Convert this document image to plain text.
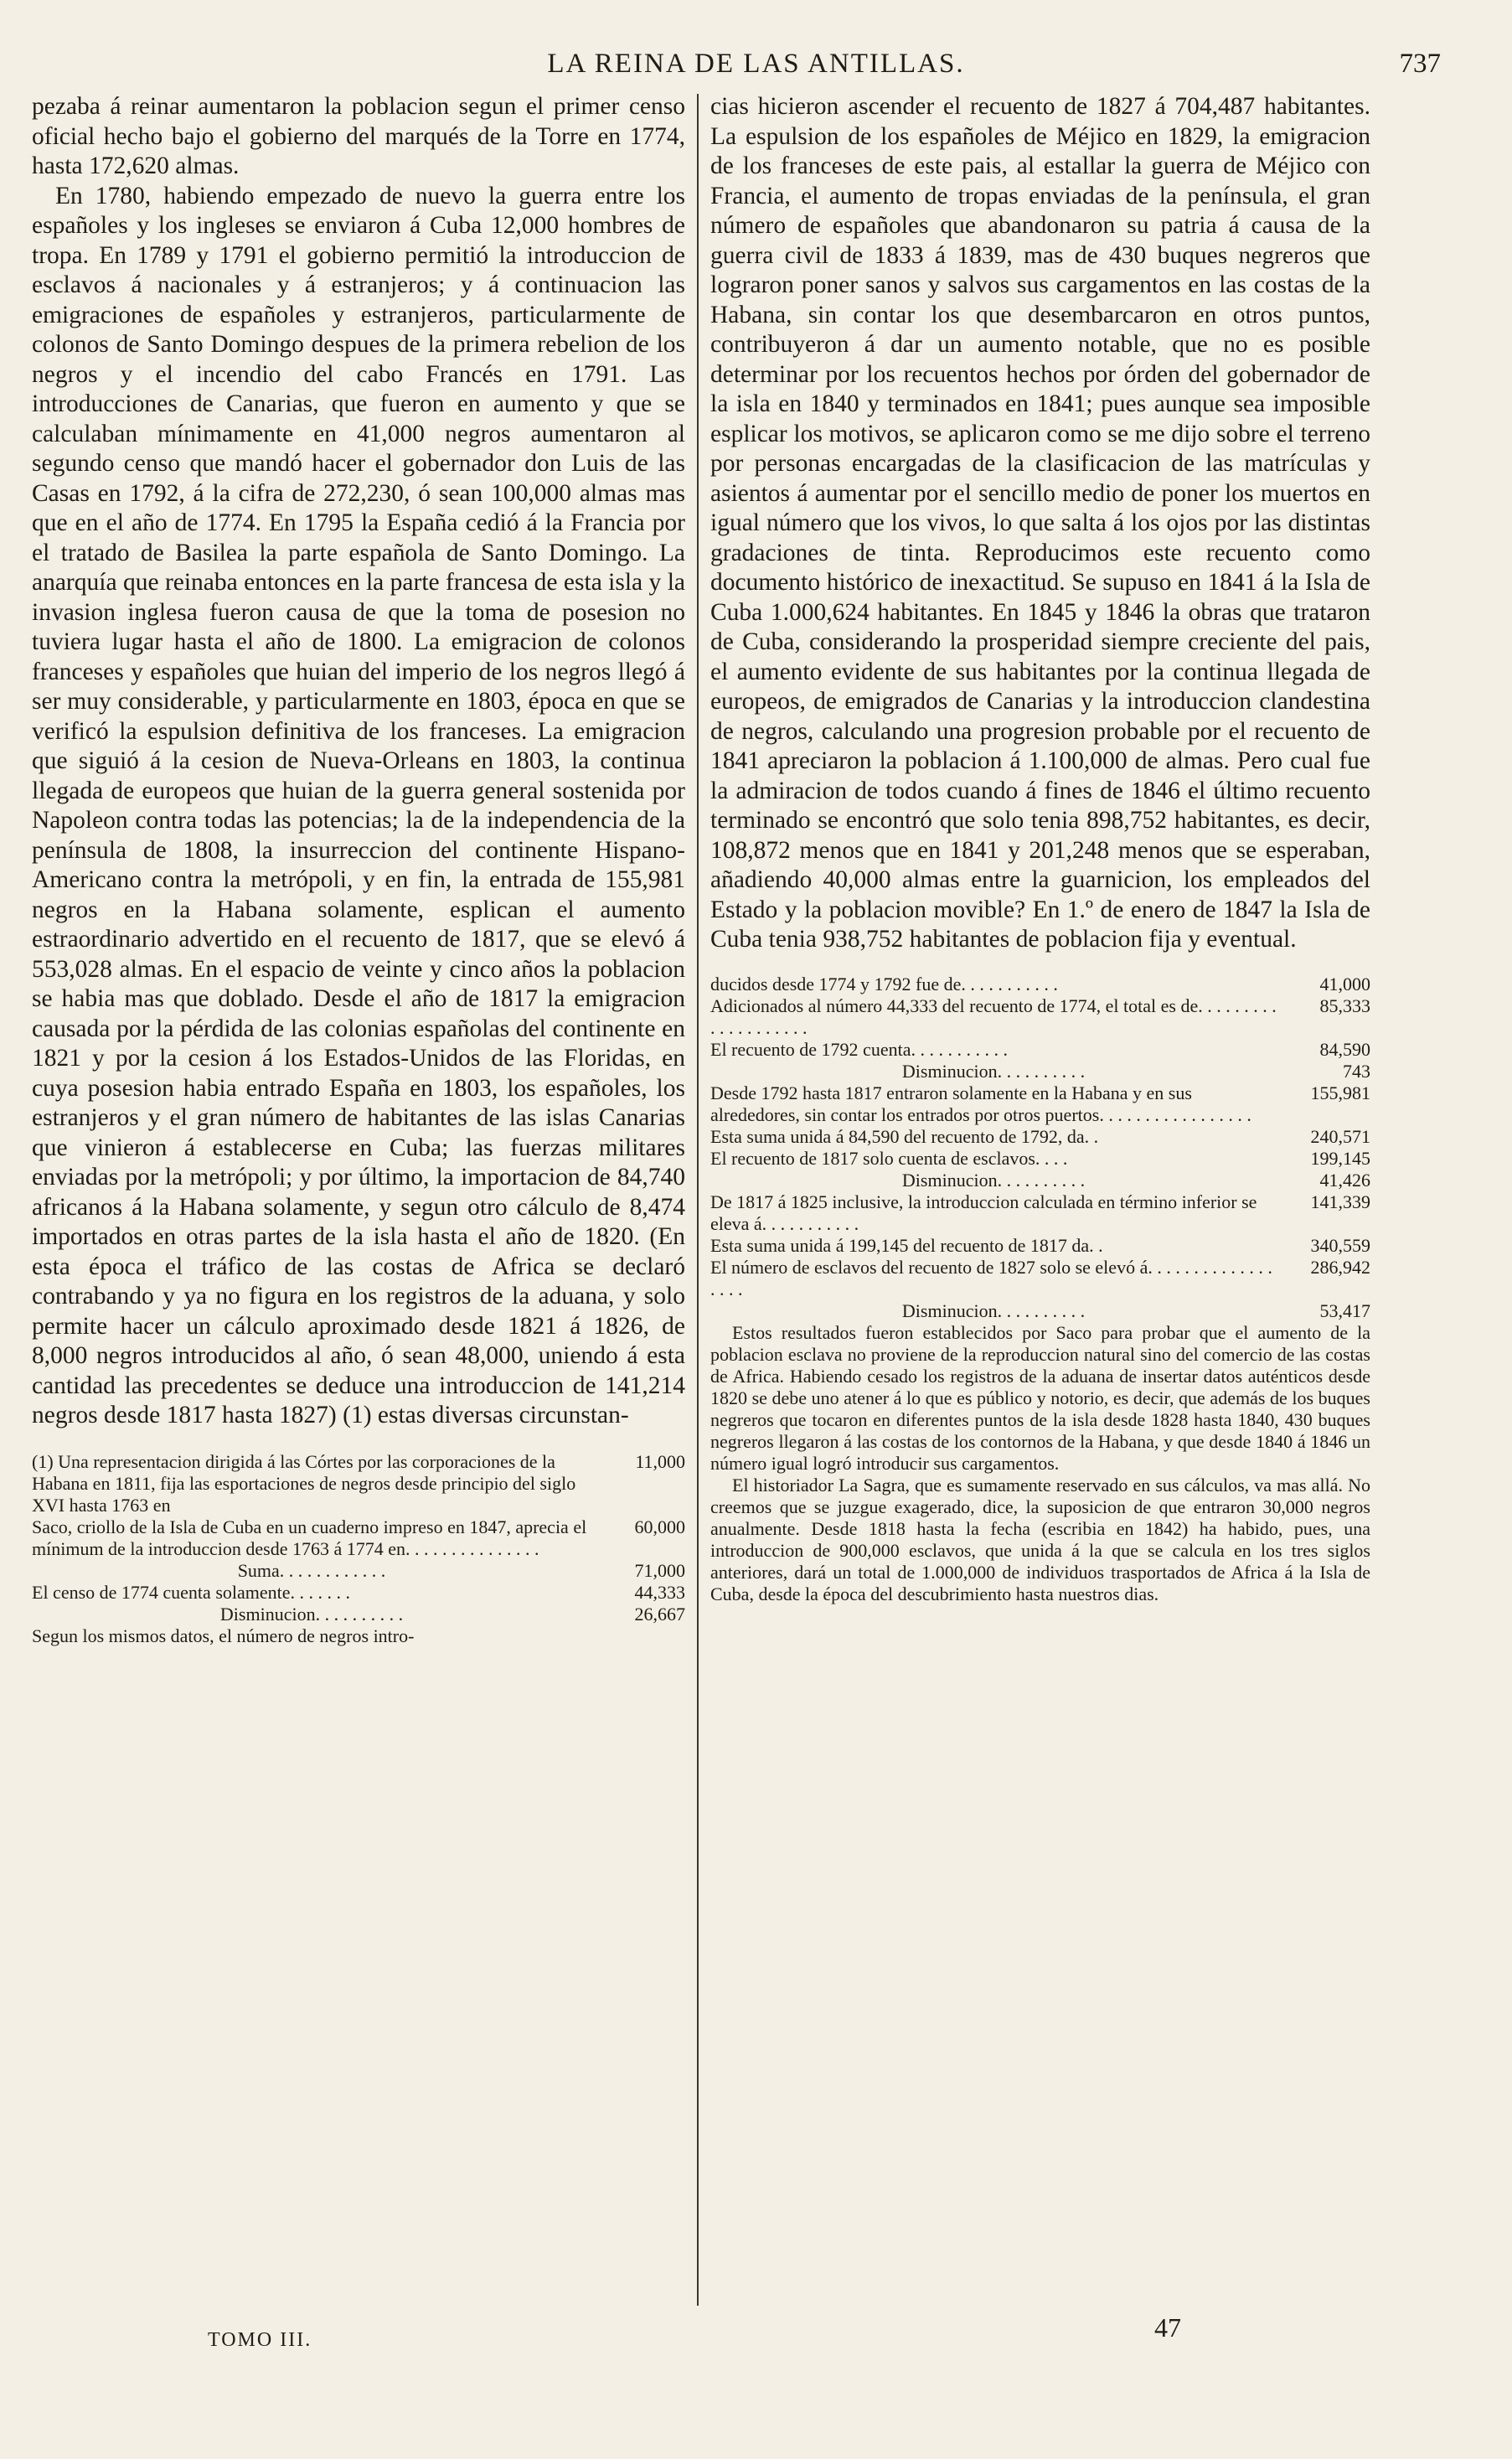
LA REINA DE LAS ANTILLAS.	737

pezaba á reinar aumentaron la poblacion segun el primer censo oficial hecho bajo el gobierno del marqués de la Torre en 1774, hasta 172,620 almas.

En 1780, habiendo empezado de nuevo la guerra entre los españoles y los ingleses se enviaron á Cuba 12,000 hombres de tropa. En 1789 y 1791 el gobierno permitió la introduccion de esclavos á nacionales y á estranjeros; y á continuacion las emigraciones de españoles y estranjeros, particularmente de colonos de Santo Domingo despues de la primera rebelion de los negros y el incendio del cabo Francés en 1791. Las introducciones de Canarias, que fueron en aumento y que se calculaban mínimamente en 41,000 negros aumentaron al segundo censo que mandó hacer el gobernador don Luis de las Casas en 1792, á la cifra de 272,230, ó sean 100,000 almas mas que en el año de 1774. En 1795 la España cedió á la Francia por el tratado de Basilea la parte española de Santo Domingo. La anarquía que reinaba entonces en la parte francesa de esta isla y la invasion inglesa fueron causa de que la toma de posesion no tuviera lugar hasta el año de 1800. La emigracion de colonos franceses y españoles que huian del imperio de los negros llegó á ser muy considerable, y particularmente en 1803, época en que se verificó la espulsion definitiva de los franceses. La emigracion que siguió á la cesion de Nueva-Orleans en 1803, la continua llegada de europeos que huian de la guerra general sostenida por Napoleon contra todas las potencias; la de la independencia de la península de 1808, la insurreccion del continente Hispano-Americano contra la metrópoli, y en fin, la entrada de 155,981 negros en la Habana solamente, esplican el aumento estraordinario advertido en el recuento de 1817, que se elevó á 553,028 almas. En el espacio de veinte y cinco años la poblacion se habia mas que doblado. Desde el año de 1817 la emigracion causada por la pérdida de las colonias españolas del continente en 1821 y por la cesion á los Estados-Unidos de las Floridas, en cuya posesion habia entrado España en 1803, los españoles, los estranjeros y el gran número de habitantes de las islas Canarias que vinieron á establecerse en Cuba; las fuerzas militares enviadas por la metrópoli; y por último, la importacion de 84,740 africanos á la Habana solamente, y segun otro cálculo de 8,474 importados en otras partes de la isla hasta el año de 1820. (En esta época el tráfico de las costas de Africa se declaró contrabando y ya no figura en los registros de la aduana, y solo permite hacer un cálculo aproximado desde 1821 á 1826, de 8,000 negros introducidos al año, ó sean 48,000, uniendo á esta cantidad las precedentes se deduce una introduccion de 141,214 negros desde 1817 hasta 1827) (1) estas diversas circunstan-

(1) Una representacion dirigida á las Córtes por las corporaciones de la Habana en 1811, fija las esportaciones de negros desde principio del siglo XVI hasta 1763 en
11,000
Saco, criollo de la Isla de Cuba en un cuaderno impreso en 1847, aprecia el mínimum de la introduccion desde 1763 á 1774 en. . . . . . . . . . . . . . .
60,000
Suma. . . . . . . . . . . .	71,000
El censo de 1774 cuenta solamente. . . . . . .	44,333
Disminucion. . . . . . . . . .	26,667
Segun los mismos datos, el número de negros intro-

cias hicieron ascender el recuento de 1827 á 704,487 habitantes. La espulsion de los españoles de Méjico en 1829, la emigracion de los franceses de este pais, al estallar la guerra de Méjico con Francia, el aumento de tropas enviadas de la península, el gran número de españoles que abandonaron su patria á causa de la guerra civil de 1833 á 1839, mas de 430 buques negreros que lograron poner sanos y salvos sus cargamentos en las costas de la Habana, sin contar los que desembarcaron en otros puntos, contribuyeron á dar un aumento notable, que no es posible determinar por los recuentos hechos por órden del gobernador de la isla en 1840 y terminados en 1841; pues aunque sea imposible esplicar los motivos, se aplicaron como se me dijo sobre el terreno por personas encargadas de la clasificacion de las matrículas y asientos á aumentar por el sencillo medio de poner los muertos en igual número que los vivos, lo que salta á los ojos por las distintas gradaciones de tinta. Reproducimos este recuento como documento histórico de inexactitud. Se supuso en 1841 á la Isla de Cuba 1.000,624 habitantes. En 1845 y 1846 la obras que trataron de Cuba, considerando la prosperidad siempre creciente del pais, el aumento evidente de sus habitantes por la continua llegada de europeos, de emigrados de Canarias y la introduccion clandestina de negros, calculando una progresion probable por el recuento de 1841 apreciaron la poblacion á 1.100,000 de almas. Pero cual fue la admiracion de todos cuando á fines de 1846 el último recuento terminado se encontró que solo tenia 898,752 habitantes, es decir, 108,872 menos que en 1841 y 201,248 menos que se esperaban, añadiendo 40,000 almas entre la guarnicion, los empleados del Estado y la poblacion movible? En 1.º de enero de 1847 la Isla de Cuba tenia 938,752 habitantes de poblacion fija y eventual.

ducidos desde 1774 y 1792 fue de. . . . . . . . . . .	41,000
Adicionados al número 44,333 del recuento de 1774, el total es de. . . . . . . . . . . . . . . . . . . .
85,333
El recuento de 1792 cuenta. . . . . . . . . . .	84,590
Disminucion. . . . . . . . . .	743
Desde 1792 hasta 1817 entraron solamente en la Habana y en sus alrededores, sin contar los entrados por otros puertos. . . . . . . . . . . . . . . . .
155,981
Esta suma unida á 84,590 del recuento de 1792, da. .	240,571
El recuento de 1817 solo cuenta de esclavos. . . .	199,145
Disminucion. . . . . . . . . .	41,426
De 1817 á 1825 inclusive, la introduccion calculada en término inferior se eleva á. . . . . . . . . . .
141,339
Esta suma unida á 199,145 del recuento de 1817 da. .	340,559
El número de esclavos del recuento de 1827 solo se elevó á. . . . . . . . . . . . . . . . . .
286,942
Disminucion. . . . . . . . . .	53,417

Estos resultados fueron establecidos por Saco para probar que el aumento de la poblacion esclava no proviene de la reproduccion natural sino del comercio de las costas de Africa. Habiendo cesado los registros de la aduana de insertar datos auténticos desde 1820 se debe uno atener á lo que es público y notorio, es decir, que además de los buques negreros que tocaron en diferentes puntos de la isla desde 1828 hasta 1840, 430 buques negreros llegaron á las costas de los contornos de la Habana, y que desde 1840 á 1846 un número igual logró introducir sus cargamentos.

El historiador La Sagra, que es sumamente reservado en sus cálculos, va mas allá. No creemos que se juzgue exagerado, dice, la suposicion de que entraron 30,000 negros anualmente. Desde 1818 hasta la fecha (escribia en 1842) ha habido, pues, una introduccion de 900,000 esclavos, que unida á la que se calcula en los tres siglos anteriores, dará un total de 1.000,000 de individuos trasportados de Africa á la Isla de Cuba, desde la época del descubrimiento hasta nuestros dias.

TOMO III.	47
